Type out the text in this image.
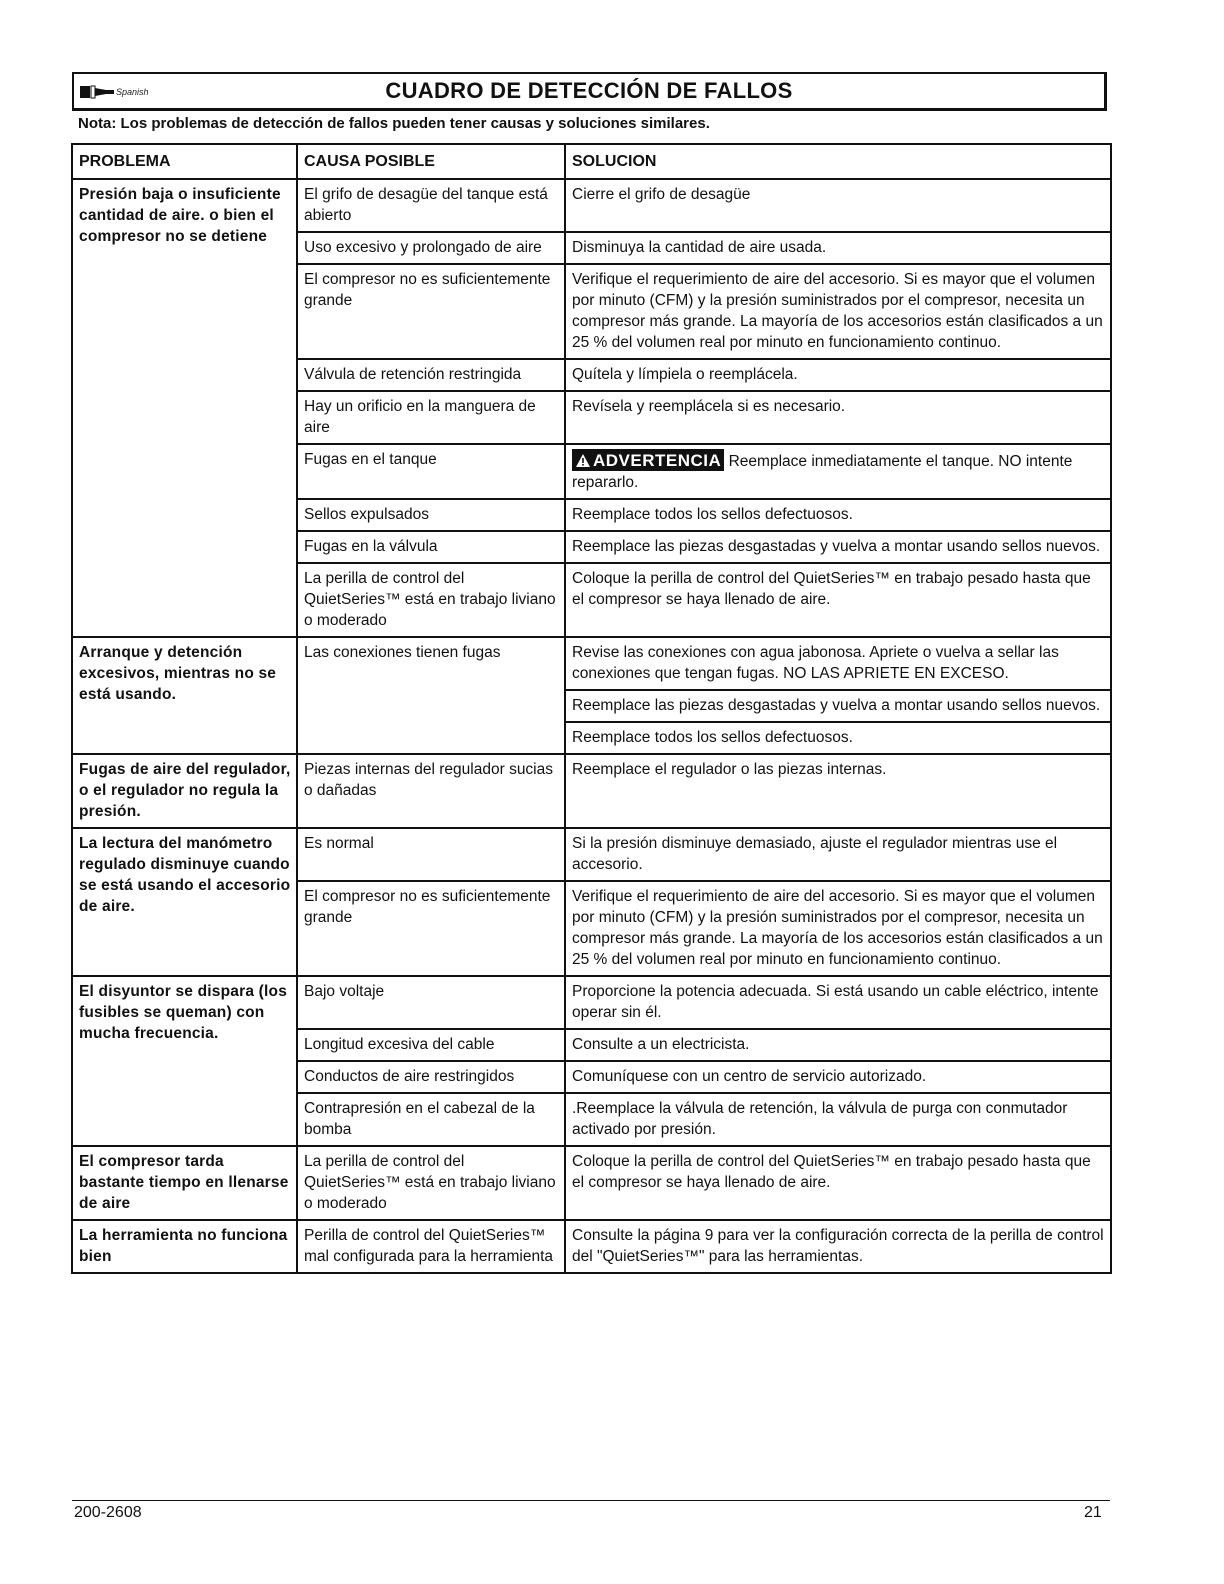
Spanish	CUADRO DE DETECCIÓN DE FALLOS
Nota: Los problemas de detección de fallos pueden tener causas y soluciones similares.
PROBLEMA	CAUSA POSIBLE	SOLUCION
Presión baja o insuficiente cantidad de aire. o bien el compresor no se detiene	El grifo de desagüe del tanque está abierto	Cierre el grifo de desagüe
	Uso excesivo y prolongado de aire	Disminuya la cantidad de aire usada.
	El compresor no es suficientemente grande	Verifique el requerimiento de aire del accesorio. Si es mayor que el volumen por minuto (CFM) y la presión suministrados por el compresor, necesita un compresor más grande. La mayoría de los accesorios están clasificados a un 25 % del volumen real por minuto en funcionamiento continuo.
	Válvula de retención restringida	Quítela y límpiela o reemplácela.
	Hay un orificio en la manguera de aire	Revísela y reemplácela si es necesario.
	Fugas en el tanque	ADVERTENCIA Reemplace inmediatamente el tanque. NO intente repararlo.
	Sellos expulsados	Reemplace todos los sellos defectuosos.
	Fugas en la válvula	Reemplace las piezas desgastadas y vuelva a montar usando sellos nuevos.
	La perilla de control del QuietSeries™ está en trabajo liviano o moderado	Coloque la perilla de control del QuietSeries™ en trabajo pesado hasta que el compresor se haya llenado de aire.
Arranque y detención excesivos, mientras no se está usando.	Las conexiones tienen fugas	Revise las conexiones con agua jabonosa. Apriete o vuelva a sellar las conexiones que tengan fugas. NO LAS APRIETE EN EXCESO.
		Reemplace las piezas desgastadas y vuelva a montar usando sellos nuevos.
		Reemplace todos los sellos defectuosos.
Fugas de aire del regulador, o el regulador no regula la presión.	Piezas internas del regulador sucias o dañadas	Reemplace el regulador o las piezas internas.
La lectura del manómetro regulado disminuye cuando se está usando el accesorio de aire.	Es normal	Si la presión disminuye demasiado, ajuste el regulador mientras use el accesorio.
	El compresor no es suficientemente grande	Verifique el requerimiento de aire del accesorio. Si es mayor que el volumen por minuto (CFM) y la presión suministrados por el compresor, necesita un compresor más grande. La mayoría de los accesorios están clasificados a un 25 % del volumen real por minuto en funcionamiento continuo.
El disyuntor se dispara (los fusibles se queman) con mucha frecuencia.	Bajo voltaje	Proporcione la potencia adecuada. Si está usando un cable eléctrico, intente operar sin él.
	Longitud excesiva del cable	Consulte a un electricista.
	Conductos de aire restringidos	Comuníquese con un centro de servicio autorizado.
	Contrapresión en el cabezal de la bomba	.Reemplace la válvula de retención, la válvula de purga con conmutador activado por presión.
El compresor tarda bastante tiempo en llenarse de aire	La perilla de control del QuietSeries™ está en trabajo liviano o moderado	Coloque la perilla de control del QuietSeries™ en trabajo pesado hasta que el compresor se haya llenado de aire.
La herramienta no funciona bien	Perilla de control del QuietSeries™ mal configurada para la herramienta	Consulte la página 9 para ver la configuración correcta de la perilla de control del "QuietSeries™" para las herramientas.
200-2608	21
